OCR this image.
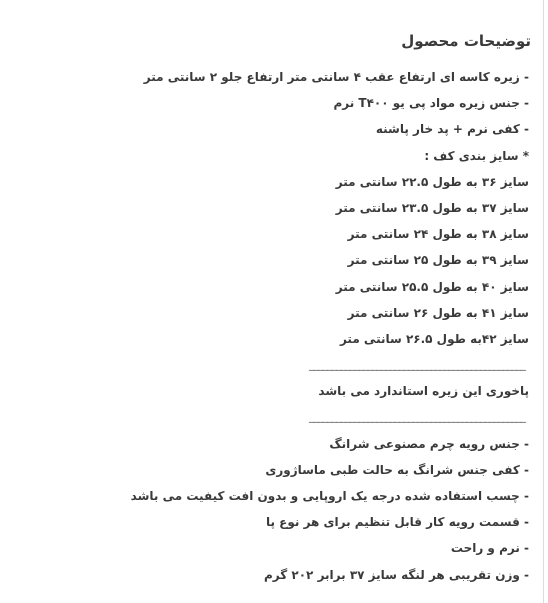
توضیحات محصول
- زیره کاسه ای ارتفاع عقب ۴ سانتی متر ارتفاع جلو ۲ سانتی متر
- جنس زیره مواد پی یو T۴۰۰ نرم
- کفی نرم + پد خار پاشنه
* سایز بندی کف :
سایز ۳۶ به طول ۲۲.۵ سانتی متر
سایز ۳۷ به طول ۲۳.۵ سانتی متر
سایز ۳۸ به طول ۲۴ سانتی متر
سایز ۳۹ به طول ۲۵ سانتی متر
سایز ۴۰ به طول ۲۵.۵ سانتی متر
سایز ۴۱ به طول ۲۶ سانتی متر
سایز ۴۲به طول ۲۶.۵ سانتی متر
________________________________________________
پاخوری این زیره استاندارد می باشد
________________________________________________
- جنس رویه چرم مصنوعی شرانگ
- کفی جنس شرانگ به حالت طبی ماساژوری
- چسب استفاده شده درجه یک اروپایی و بدون افت کیفیت می باشد
- قسمت رویه کار قابل تنظیم برای هر نوع پا
- نرم و راحت
- وزن تقریبی هر لنگه سایز ۳۷ برابر ۲۰۲ گرم
